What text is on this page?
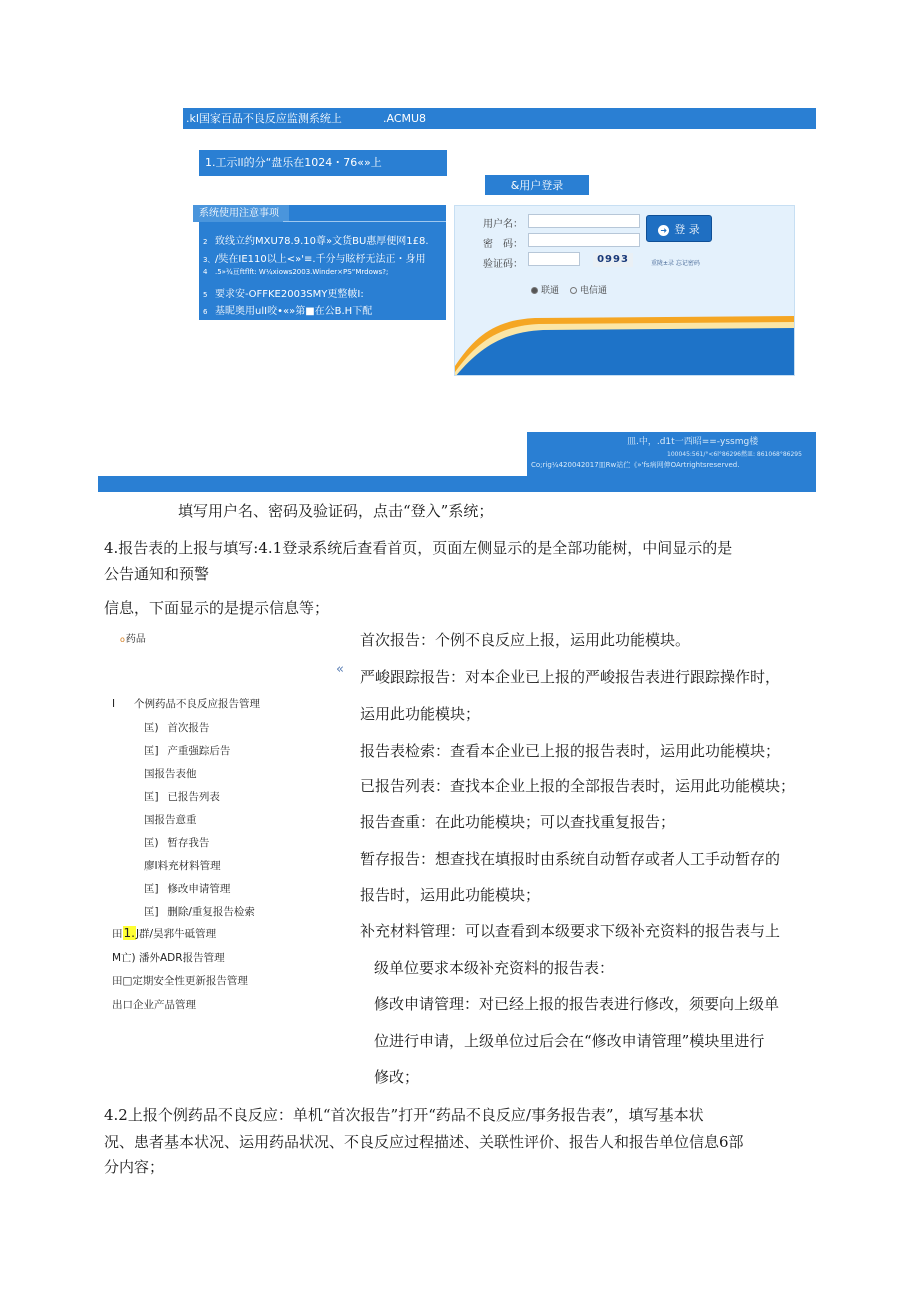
.kl国家百品不良反应监测系统上	.ACMU8
1.工示ll的分“盘乐在1024・76«»上
&用户登录
系统使用注意事项
2 致线立约MXU78.9.10尊»文货BU惠厚便网1£8.
3、/奘在IE110以上<»'≡.千分与眩杼无法正・身用
4 .5»¾亘ftflft: W¼xiows2003.Winder×PS“Mrdows?;
5 要求安-OFFKE2003SMY更整帔I:
6 基昵奥用ulI咬•«»第■在公B.H下配
用户名：
密　码：
验证码：	0993
➜ 登 录
重陇±录 忘记密码
联通	电信通
皿.中，.d1t一西昭==-yssmg楼
100045:561/°<6l°86296燃皿: 861068°86295
Co;rig¼420042017皿Rw站伫《»'fs病网伸OArtrightsreserved.
填写用户名、密码及验证码，点击“登入”系统；
4.报告表的上报与填写:4.1登录系统后查看首页，页面左侧显示的是全部功能树，中间显示的是
公告通知和预警
信息，下面显示的是提示信息等；
o药品
«
I 个例药品不良反应报告管理
匡) 首次报告
匡] 产重强踪后告
国报告表他
匡] 已报告列表
国报告意重
匡) 暂存我告
廖I料充材料管理
匡] 修改申请管理
匡] 删除/重复报告检索
田1.J群/昊郛牛砥管理
M亡) 潘外ADR报告管理
田□定期安全性更新报告管理
出口企业产品管理
首次报告：个例不良反应上报，运用此功能模块。
严峻跟踪报告：对本企业已上报的严峻报告表进行跟踪操作时，
运用此功能模块；
报告表检索：查看本企业已上报的报告表时，运用此功能模块；
已报告列表：查找本企业上报的全部报告表时，运用此功能模块；
报告查重：在此功能模块；可以查找重复报告；
暂存报告：想查找在填报时由系统自动暂存或者人工手动暂存的
报告时，运用此功能模块；
补充材料管理：可以查看到本级要求下级补充资料的报告表与上
级单位要求本级补充资料的报告表：
修改申请管理：对已经上报的报告表进行修改，须要向上级单
位进行申请，上级单位过后会在“修改申请管理”模块里进行
修改；
4.2上报个例药品不良反应：单机“首次报告”打开“药品不良反应/事务报告表”，填写基本状
况、患者基本状况、运用药品状况、不良反应过程描述、关联性评价、报告人和报告单位信息6部
分内容；
